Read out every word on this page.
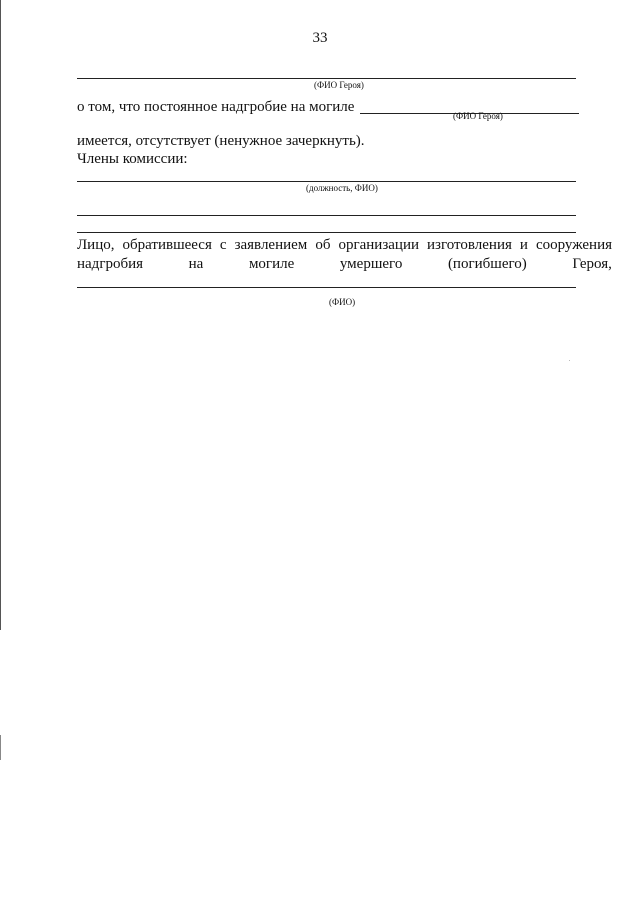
33
(ФИО Героя)
о том, что постоянное надгробие на могиле
(ФИО Героя)
имеется, отсутствует (ненужное зачеркнуть).
Члены комиссии:
(должность, ФИО)
Лицо, обратившееся с заявлением об организации изготовления и сооружения
надгробия	на	могиле	умершего	(погибшего)	Героя,
(ФИО)
